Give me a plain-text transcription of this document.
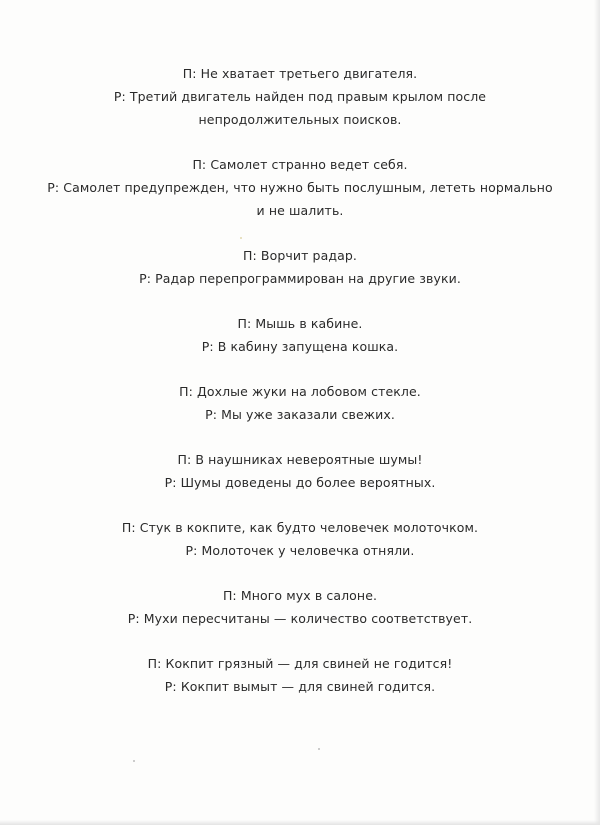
П: Не хватает третьего двигателя.
Р: Третий двигатель найден под правым крылом после
непродолжительных поисков.
П: Самолет странно ведет себя.
Р: Самолет предупрежден, что нужно быть послушным, лететь нормально
и не шалить.
П: Ворчит радар.
Р: Радар перепрограммирован на другие звуки.
П: Мышь в кабине.
Р: В кабину запущена кошка.
П: Дохлые жуки на лобовом стекле.
Р: Мы уже заказали свежих.
П: В наушниках невероятные шумы!
Р: Шумы доведены до более вероятных.
П: Стук в кокпите, как будто человечек молоточком.
Р: Молоточек у человечка отняли.
П: Много мух в салоне.
Р: Мухи пересчитаны — количество соответствует.
П: Кокпит грязный — для свиней не годится!
Р: Кокпит вымыт — для свиней годится.
